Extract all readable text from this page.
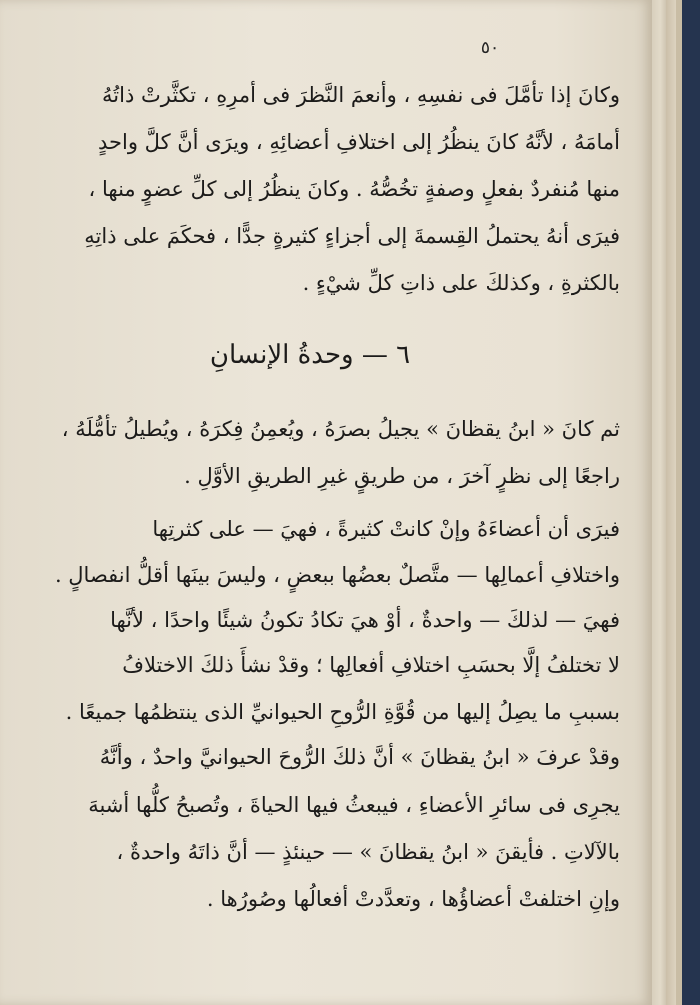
٥٠
وكانَ إذا تأمَّلَ فى نفسِهِ ، وأنعمَ النَّظرَ فى أمرِهِ ، تكثَّرتْ ذاتُهُ
أمامَهُ ، لأنَّهُ كانَ ينظُرُ إلى اختلافِ أعضائِهِ ، ويرَى أنَّ كلَّ واحدٍ
منها مُنفردٌ بفعلٍ وصفةٍ تخُصُّهُ . وكانَ ينظُرُ إلى كلِّ عضوٍ منها ،
فيرَى أنهُ يحتملُ القِسمةَ إلى أجزاءٍ كثيرةٍ جدًّا ، فحكَمَ على ذاتِهِ
بالكثرةِ ، وكذلكَ على ذاتِ كلِّ شيْءٍ .
٦ — وحدةُ الإنسانِ
ثم كانَ « ابنُ يقظانَ » يجيلُ بصرَهُ ، ويُعمِنُ فِكرَهُ ، ويُطيلُ تأمُّلَهُ ،
راجعًا إلى نظرٍ آخرَ ، من طريقٍ غيرِ الطريقِ الأوَّلِ .
فيرَى أن أعضاءَهُ وإنْ كانتْ كثيرةً ، فهيَ — على كثرتِها
واختلافِ أعمالِها — متَّصلٌ بعضُها ببعضٍ ، وليسَ بينَها أقلُّ انفصالٍ .
فهيَ — لذلكَ — واحدةٌ ، أوْ هيَ تكادُ تكونُ شيئًا واحدًا ، لأنَّها
لا تختلفُ إلَّا بحسَبِ اختلافِ أفعالِها ؛ وقدْ نشأَ ذلكَ الاختلافُ
بسببِ ما يصِلُ إليها من قُوَّةِ الرُّوحِ الحيوانيِّ الذى ينتظمُها جميعًا .
وقدْ عرفَ « ابنُ يقظانَ » أنَّ ذلكَ الرُّوحَ الحيوانيَّ واحدٌ ، وأنَّهُ
يجرِى فى سائرِ الأعضاءِ ، فيبعثُ فيها الحياةَ ، وتُصبحُ كلُّها أشبهَ
بالآلاتِ . فأيقنَ « ابنُ يقظانَ » — حينئذٍ — أنَّ ذاتَهُ واحدةٌ ،
وإنِ اختلفتْ أعضاؤُها ، وتعدَّدتْ أفعالُها وصُورُها .
